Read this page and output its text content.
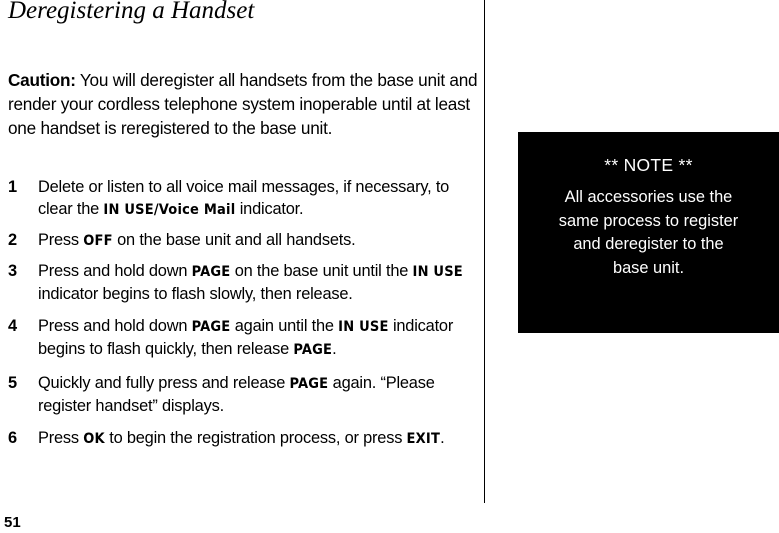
Deregistering a Handset
Caution: You will deregister all handsets from the base unit and render your cordless telephone system inoperable until at least one handset is reregistered to the base unit.
1 Delete or listen to all voice mail messages, if necessary, to clear the IN USE/Voice Mail indicator.
2 Press OFF on the base unit and all handsets.
3 Press and hold down PAGE on the base unit until the IN USE indicator begins to flash slowly, then release.
4 Press and hold down PAGE again until the IN USE indicator begins to flash quickly, then release PAGE.
5 Quickly and fully press and release PAGE again. “Please register handset” displays.
6 Press OK to begin the registration process, or press EXIT.
** NOTE **
All accessories use the
same process to register
and deregister to the
base unit.
51
